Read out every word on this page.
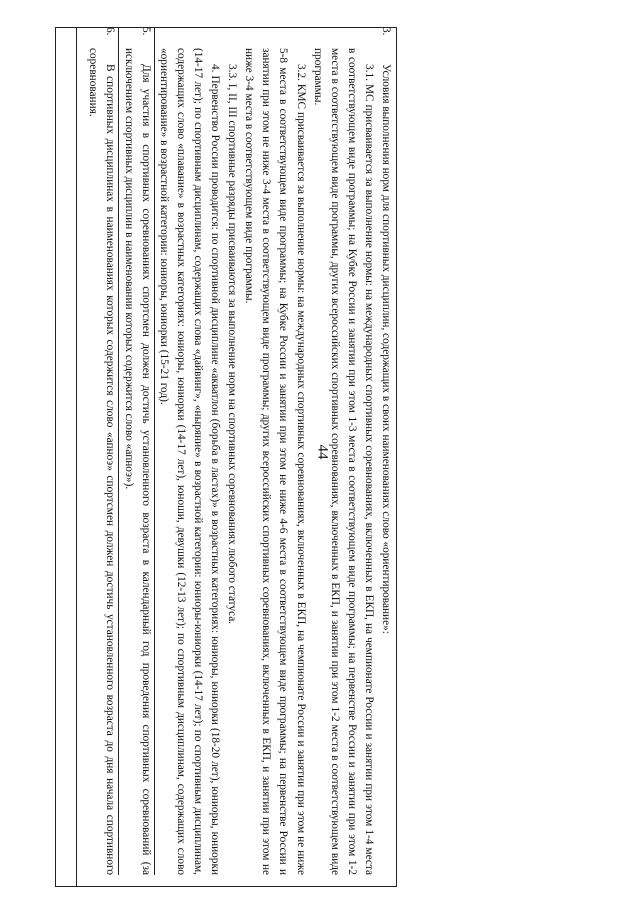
44
3.
Условия выполнения норм для спортивных дисциплин, содержащих в своих наименованиях слово «ориентирование»:
3.1. МС присваивается за выполнение нормы: на международных спортивных соревнованиях, включенных в ЕКП, на чемпионате России и занятии при этом 1-4 места в соответствующем виде программы; на Кубке России и занятии при этом 1-3 места в соответствующем виде программы; на первенстве России и занятии при этом 1-2 места в соответствующем виде программы, других всероссийских спортивных соревнованиях, включенных в ЕКП, и занятии при этом 1-2 места в соответствующем виде программы.
3.2. КМС присваивается за выполнение нормы: на международных спортивных соревнованиях, включенных в ЕКП, на чемпионате России и занятии при этом не ниже 5-8 места в соответствующем виде программы; на Кубке России и занятии при этом не ниже 4-6 места в соответствующем виде программы; на первенстве России и занятии при этом не ниже 3-4 места в соответствующем виде программы; других всероссийских спортивных соревнованиях, включенных в ЕКП, и занятии при этом не ниже 3-4 места в соответствующем виде программы.
3.3. I, II, III спортивные разряды присваиваются за выполнение норм на спортивных соревнованиях любого статуса.
4. Первенство России проводится: по спортивной дисциплине «акватлон (борьба в ластах)» в возрастных категориях: юниоры, юниорки (18-20 лет), юниоры, юниорки (14-17 лет); по спортивным дисциплинам, содержащих слова «дайвинг», «ныряние» в возрастной категории: юниоры-юниорки (14-17 лет); по спортивным дисциплинам, содержащих слово «плавание» в возрастных категориях: юниоры, юниорки (14-17 лет), юноши, девушки (12-13 лет); по спортивным дисциплинам, содержащих слово «ориентирование» в возрастной категории: юниоры, юниорки (15-21 год).
5.
Для участия в спортивных соревнованиях спортсмен должен достичь установленного возраста в календарный год проведения спортивных соревнований (за исключением спортивных дисциплин в наименовании которых содержится слово «апноэ»).
6.
В спортивных дисциплинах в наименованиях которых содержится слово «апноэ» спортсмен должен достичь установленного возраста до дня начала спортивного соревнования.
